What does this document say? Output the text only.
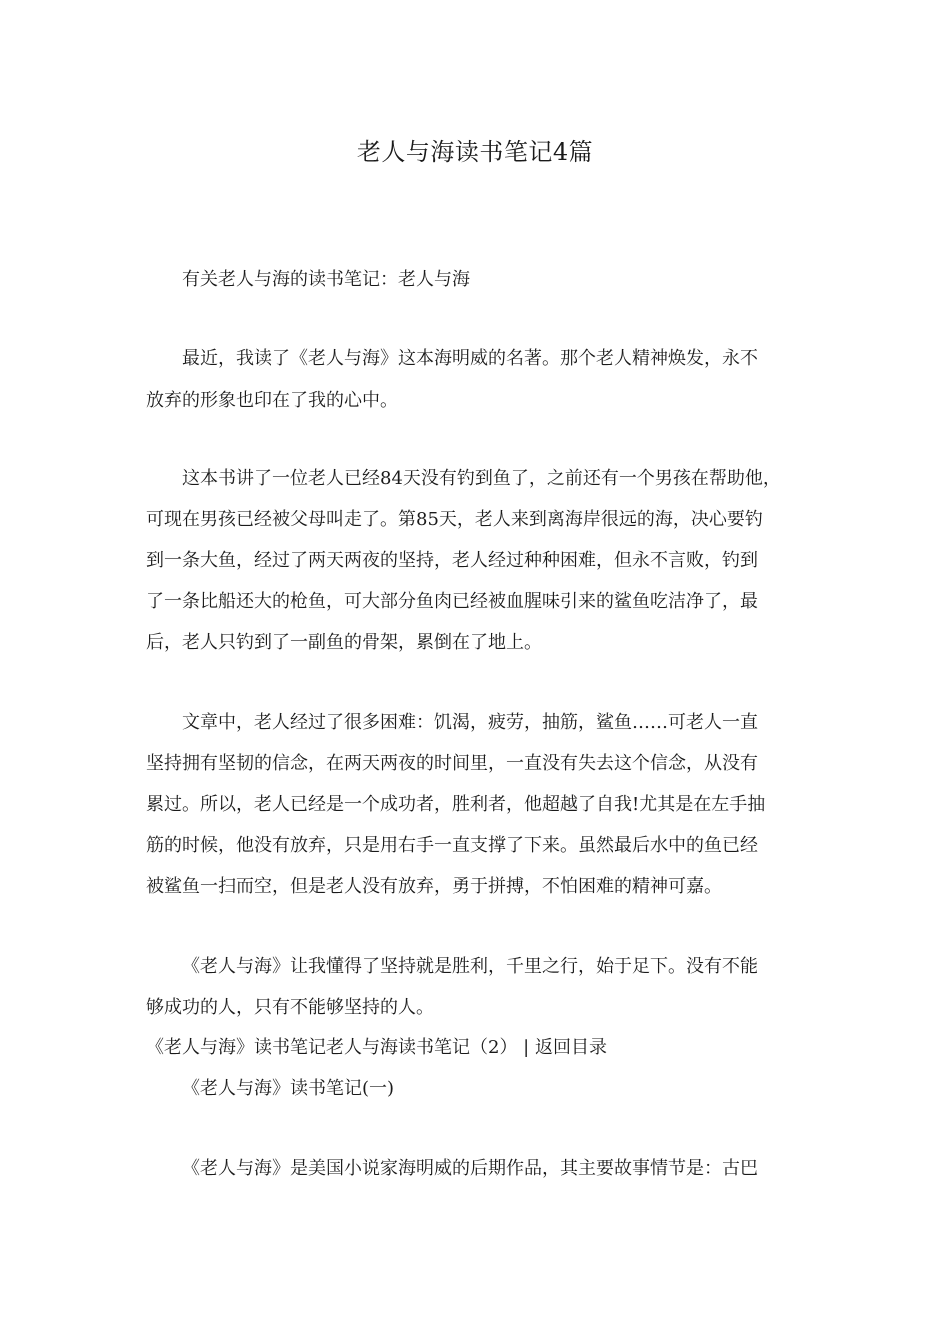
老人与海读书笔记4篇

有关老人与海的读书笔记：老人与海

最近，我读了《老人与海》这本海明威的名著。那个老人精神焕发，永不

放弃的形象也印在了我的心中。

这本书讲了一位老人已经84天没有钓到鱼了，之前还有一个男孩在帮助他，

可现在男孩已经被父母叫走了。第85天，老人来到离海岸很远的海，决心要钓

到一条大鱼，经过了两天两夜的坚持，老人经过种种困难，但永不言败，钓到

了一条比船还大的枪鱼，可大部分鱼肉已经被血腥味引来的鲨鱼吃洁净了，最

后，老人只钓到了一副鱼的骨架，累倒在了地上。

文章中，老人经过了很多困难：饥渴，疲劳，抽筋，鲨鱼……可老人一直

坚持拥有坚韧的信念，在两天两夜的时间里，一直没有失去这个信念，从没有

累过。所以，老人已经是一个成功者，胜利者，他超越了自我!尤其是在左手抽

筋的时候，他没有放弃，只是用右手一直支撑了下来。虽然最后水中的鱼已经

被鲨鱼一扫而空，但是老人没有放弃，勇于拼搏，不怕困难的精神可嘉。

《老人与海》让我懂得了坚持就是胜利，千里之行，始于足下。没有不能

够成功的人，只有不能够坚持的人。

《老人与海》读书笔记老人与海读书笔记（2） | 返回目录

《老人与海》读书笔记(一)

《老人与海》是美国小说家海明威的后期作品，其主要故事情节是：古巴
